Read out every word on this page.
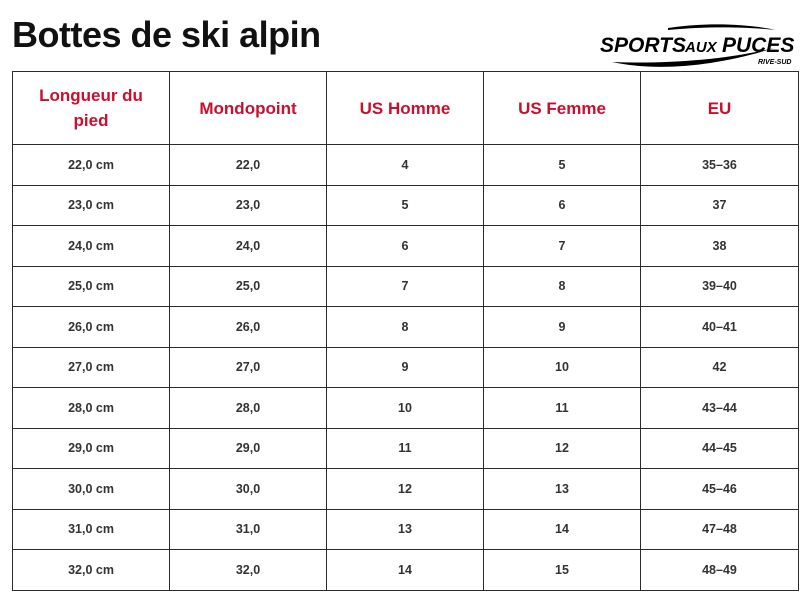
Bottes de ski alpin	SPORTS AUX PUCES
RIVE-SUD
Longueur du pied	Mondopoint	US Homme	US Femme	EU
22,0 cm	22,0	4	5	35–36
23,0 cm	23,0	5	6	37
24,0 cm	24,0	6	7	38
25,0 cm	25,0	7	8	39–40
26,0 cm	26,0	8	9	40–41
27,0 cm	27,0	9	10	42
28,0 cm	28,0	10	11	43–44
29,0 cm	29,0	11	12	44–45
30,0 cm	30,0	12	13	45–46
31,0 cm	31,0	13	14	47–48
32,0 cm	32,0	14	15	48–49
